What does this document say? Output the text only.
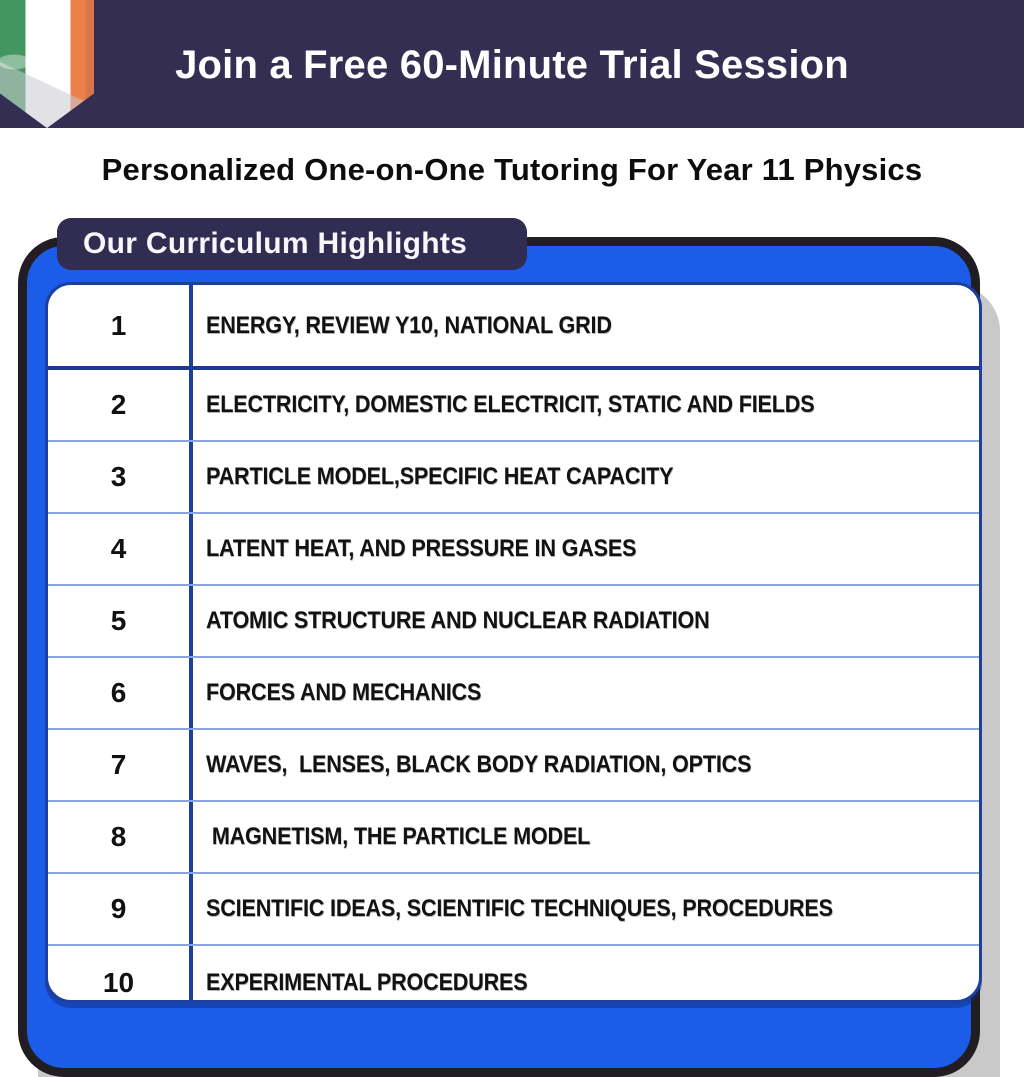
Join a Free 60-Minute Trial Session
Personalized One-on-One Tutoring For Year 11 Physics
Our Curriculum Highlights
1	ENERGY, REVIEW Y10, NATIONAL GRID
2	ELECTRICITY, DOMESTIC ELECTRICIT, STATIC AND FIELDS
3	PARTICLE MODEL,SPECIFIC HEAT CAPACITY
4	LATENT HEAT, AND PRESSURE IN GASES
5	ATOMIC STRUCTURE AND NUCLEAR RADIATION
6	FORCES AND MECHANICS
7	WAVES,  LENSES, BLACK BODY RADIATION, OPTICS
8	MAGNETISM, THE PARTICLE MODEL
9	SCIENTIFIC IDEAS, SCIENTIFIC TECHNIQUES, PROCEDURES
10	EXPERIMENTAL PROCEDURES
